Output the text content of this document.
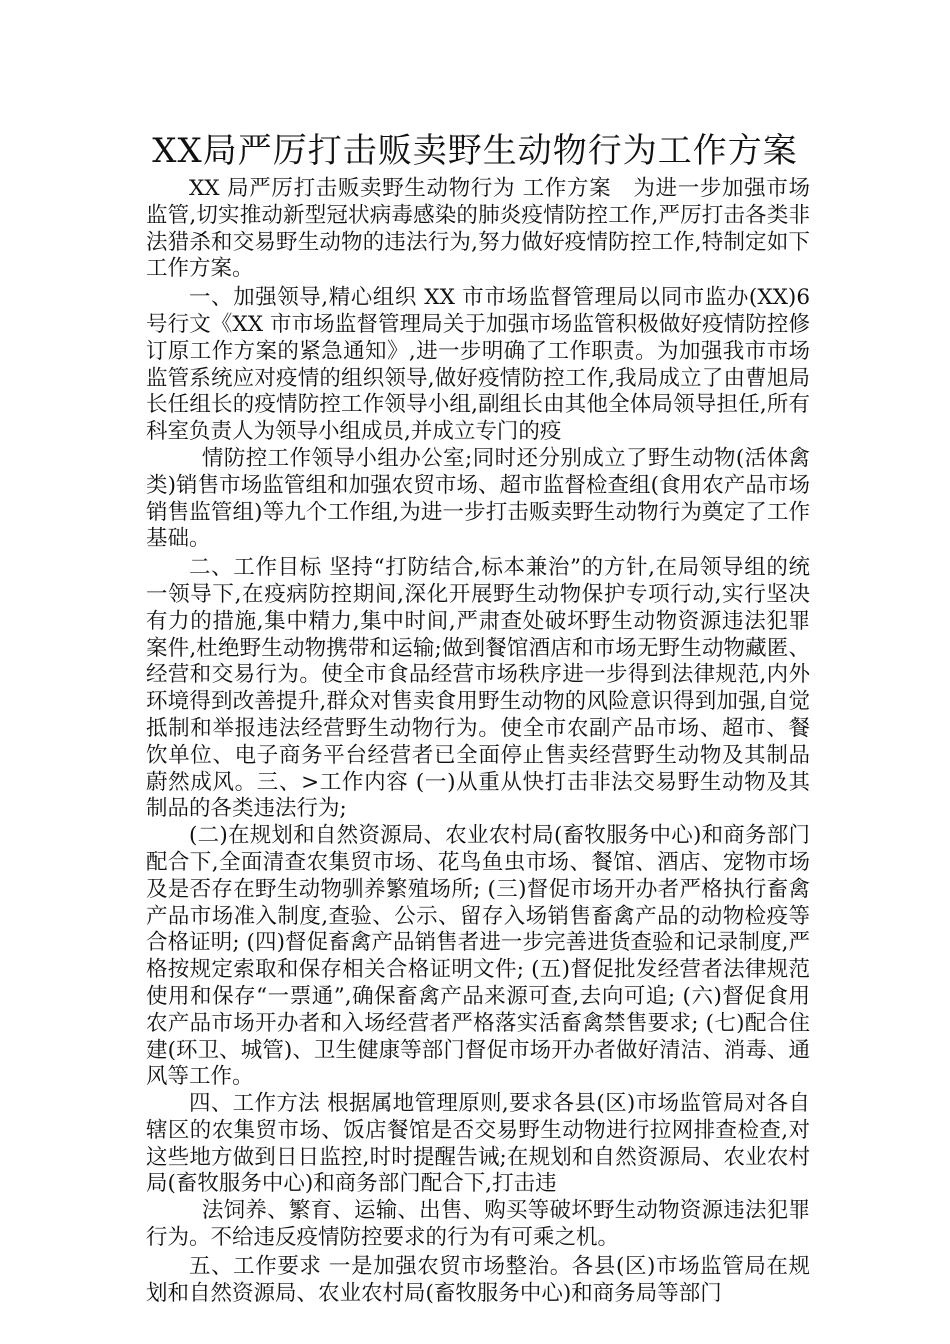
XX局严厉打击贩卖野生动物行为工作方案

XX 局严厉打击贩卖野生动物行为 工作方案　为进一步加强市场监管,切实推动新型冠状病毒感染的肺炎疫情防控工作,严厉打击各类非法猎杀和交易野生动物的违法行为,努力做好疫情防控工作,特制定如下工作方案。

一、加强领导,精心组织 XX 市市场监督管理局以同市监办(XX)6 号行文《XX 市市场监督管理局关于加强市场监管积极做好疫情防控修订原工作方案的紧急通知》,进一步明确了工作职责。为加强我市市场监管系统应对疫情的组织领导,做好疫情防控工作,我局成立了由曹旭局长任组长的疫情防控工作领导小组,副组长由其他全体局领导担任,所有科室负责人为领导小组成员,并成立专门的疫

情防控工作领导小组办公室;同时还分别成立了野生动物(活体禽类)销售市场监管组和加强农贸市场、超市监督检查组(食用农产品市场销售监管组)等九个工作组,为进一步打击贩卖野生动物行为奠定了工作基础。

二、工作目标 坚持“打防结合,标本兼治”的方针,在局领导组的统一领导下,在疫病防控期间,深化开展野生动物保护专项行动,实行坚决有力的措施,集中精力,集中时间,严肃查处破坏野生动物资源违法犯罪案件,杜绝野生动物携带和运输;做到餐馆酒店和市场无野生动物藏匿、经营和交易行为。使全市食品经营市场秩序进一步得到法律规范,内外环境得到改善提升,群众对售卖食用野生动物的风险意识得到加强,自觉抵制和举报违法经营野生动物行为。使全市农副产品市场、超市、餐饮单位、电子商务平台经营者已全面停止售卖经营野生动物及其制品蔚然成风。三、>工作内容 (一)从重从快打击非法交易野生动物及其制品的各类违法行为;

(二)在规划和自然资源局、农业农村局(畜牧服务中心)和商务部门配合下,全面清查农集贸市场、花鸟鱼虫市场、餐馆、酒店、宠物市场及是否存在野生动物驯养繁殖场所; (三)督促市场开办者严格执行畜禽产品市场准入制度,查验、公示、留存入场销售畜禽产品的动物检疫等合格证明; (四)督促畜禽产品销售者进一步完善进货查验和记录制度,严格按规定索取和保存相关合格证明文件; (五)督促批发经营者法律规范使用和保存“一票通”,确保畜禽产品来源可查,去向可追; (六)督促食用农产品市场开办者和入场经营者严格落实活畜禽禁售要求; (七)配合住建(环卫、城管)、卫生健康等部门督促市场开办者做好清洁、消毒、通风等工作。

四、工作方法 根据属地管理原则,要求各县(区)市场监管局对各自辖区的农集贸市场、饭店餐馆是否交易野生动物进行拉网排查检查,对这些地方做到日日监控,时时提醒告诫;在规划和自然资源局、农业农村局(畜牧服务中心)和商务部门配合下,打击违

法饲养、繁育、运输、出售、购买等破坏野生动物资源违法犯罪行为。不给违反疫情防控要求的行为有可乘之机。

五、工作要求 一是加强农贸市场整治。各县(区)市场监管局在规划和自然资源局、农业农村局(畜牧服务中心)和商务局等部门
